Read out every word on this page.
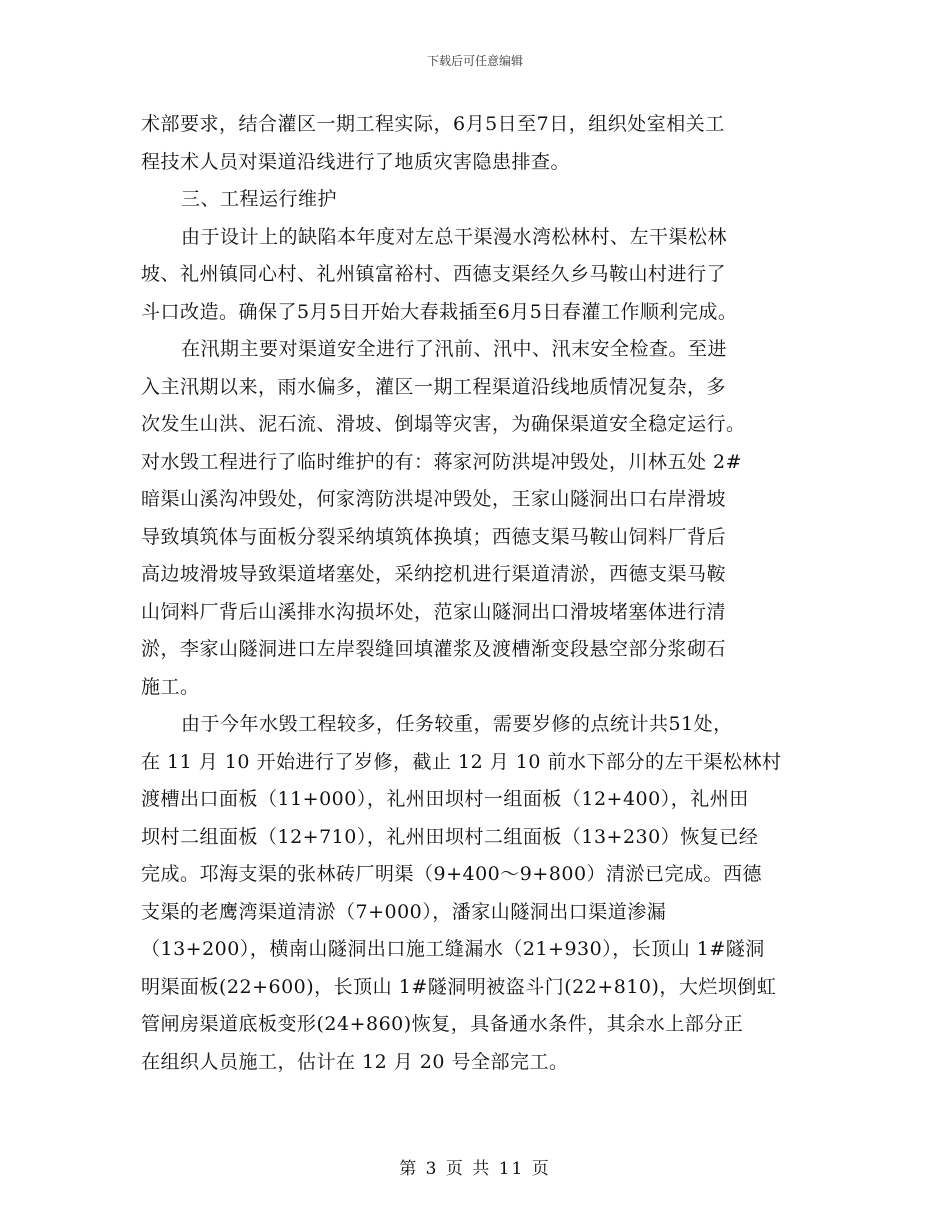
下载后可任意编辑
术部要求，结合灌区一期工程实际，6月5日至7日，组织处室相关工
程技术人员对渠道沿线进行了地质灾害隐患排查。
三、工程运行维护
由于设计上的缺陷本年度对左总干渠漫水湾松林村、左干渠松林
坡、礼州镇同心村、礼州镇富裕村、西德支渠经久乡马鞍山村进行了
斗口改造。确保了5月5日开始大春栽插至6月5日春灌工作顺利完成。
在汛期主要对渠道安全进行了汛前、汛中、汛末安全检查。至进
入主汛期以来，雨水偏多，灌区一期工程渠道沿线地质情况复杂，多
次发生山洪、泥石流、滑坡、倒塌等灾害，为确保渠道安全稳定运行。
对水毁工程进行了临时维护的有：蒋家河防洪堤冲毁处，川林五处 2#
暗渠山溪沟冲毁处，何家湾防洪堤冲毁处，王家山隧洞出口右岸滑坡
导致填筑体与面板分裂采纳填筑体换填；西德支渠马鞍山饲料厂背后
高边坡滑坡导致渠道堵塞处，采纳挖机进行渠道清淤，西德支渠马鞍
山饲料厂背后山溪排水沟损坏处，范家山隧洞出口滑坡堵塞体进行清
淤，李家山隧洞进口左岸裂缝回填灌浆及渡槽渐变段悬空部分浆砌石
施工。
由于今年水毁工程较多，任务较重，需要岁修的点统计共51处，
在 11 月 10 开始进行了岁修，截止 12 月 10 前水下部分的左干渠松林村
渡槽出口面板（11+000），礼州田坝村一组面板（12+400），礼州田
坝村二组面板（12+710），礼州田坝村二组面板（13+230）恢复已经
完成。邛海支渠的张林砖厂明渠（9+400～9+800）清淤已完成。西德
支渠的老鹰湾渠道清淤（7+000），潘家山隧洞出口渠道渗漏
（13+200），横南山隧洞出口施工缝漏水（21+930），长顶山 1#隧洞
明渠面板(22+600)，长顶山 1#隧洞明被盗斗门(22+810)，大烂坝倒虹
管闸房渠道底板变形(24+860)恢复，具备通水条件，其余水上部分正
在组织人员施工，估计在 12 月 20 号全部完工。
第 3 页 共 11 页
